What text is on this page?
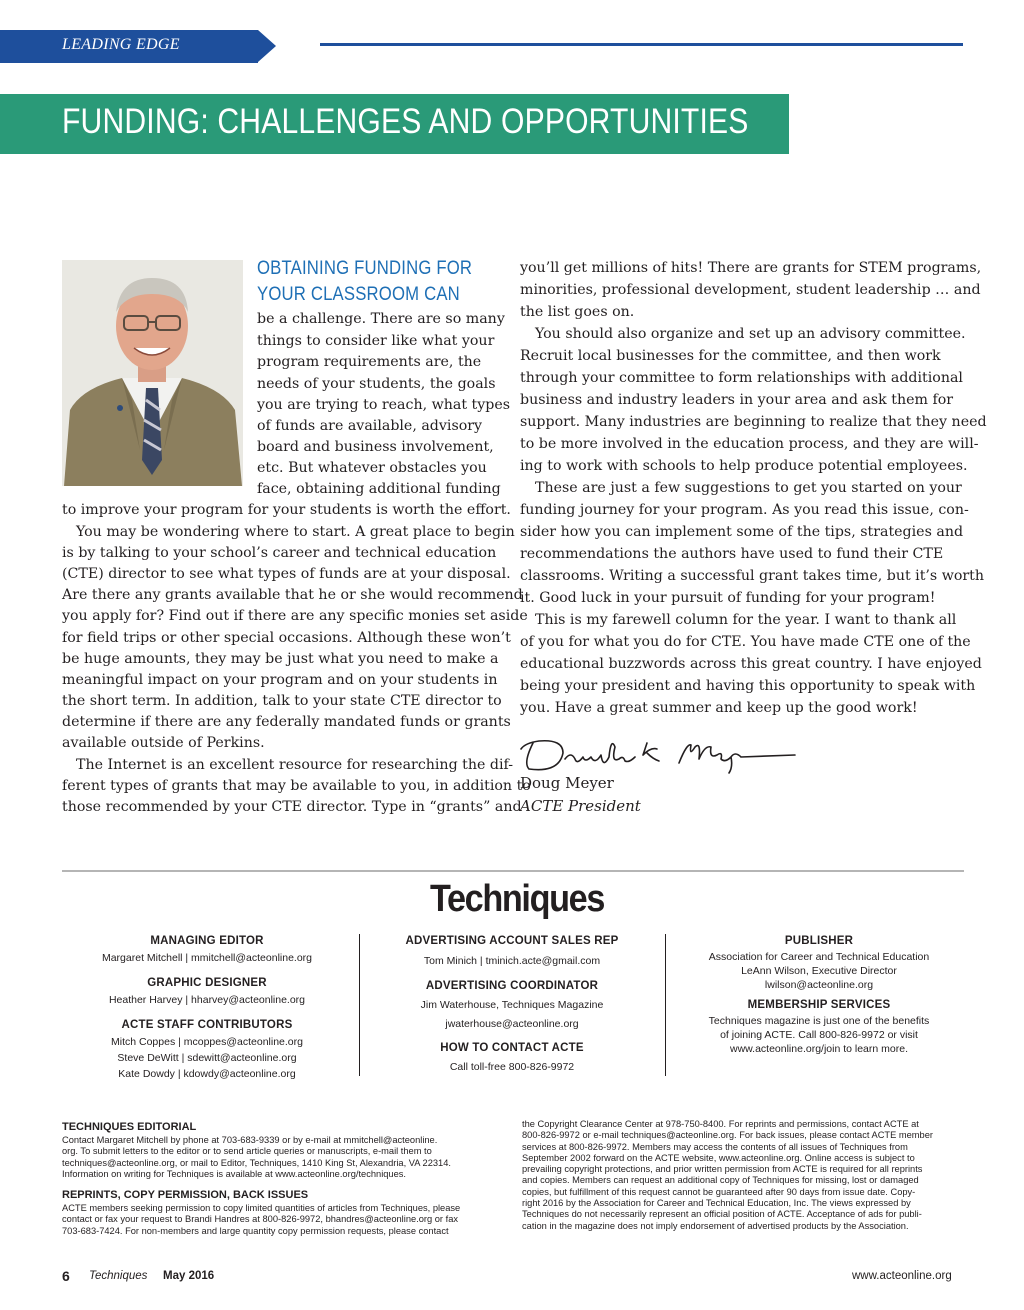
LEADING EDGE
FUNDING: CHALLENGES AND OPPORTUNITIES
OBTAINING FUNDING FOR
YOUR CLASSROOM CAN
be a challenge. There are so many
things to consider like what your
program requirements are, the
needs of your students, the goals
you are trying to reach, what types
of funds are available, advisory
board and business involvement,
etc. But whatever obstacles you
face, obtaining additional funding
to improve your program for your students is worth the effort.
You may be wondering where to start. A great place to begin
is by talking to your school’s career and technical education
(CTE) director to see what types of funds are at your disposal.
Are there any grants available that he or she would recommend
you apply for? Find out if there are any specific monies set aside
for field trips or other special occasions. Although these won’t
be huge amounts, they may be just what you need to make a
meaningful impact on your program and on your students in
the short term. In addition, talk to your state CTE director to
determine if there are any federally mandated funds or grants
available outside of Perkins.
The Internet is an excellent resource for researching the dif-
ferent types of grants that may be available to you, in addition to
those recommended by your CTE director. Type in “grants” and
you’ll get millions of hits! There are grants for STEM programs,
minorities, professional development, student leadership … and
the list goes on.
You should also organize and set up an advisory committee.
Recruit local businesses for the committee, and then work
through your committee to form relationships with additional
business and industry leaders in your area and ask them for
support. Many industries are beginning to realize that they need
to be more involved in the education process, and they are will-
ing to work with schools to help produce potential employees.
These are just a few suggestions to get you started on your
funding journey for your program. As you read this issue, con-
sider how you can implement some of the tips, strategies and
recommendations the authors have used to fund their CTE
classrooms. Writing a successful grant takes time, but it’s worth
it. Good luck in your pursuit of funding for your program!
This is my farewell column for the year. I want to thank all
of you for what you do for CTE. You have made CTE one of the
educational buzzwords across this great country. I have enjoyed
being your president and having this opportunity to speak with
you. Have a great summer and keep up the good work!
Doug Meyer
ACTE President
Techniques
MANAGING EDITOR
Margaret Mitchell | mmitchell@acteonline.org
GRAPHIC DESIGNER
Heather Harvey | hharvey@acteonline.org
ACTE STAFF CONTRIBUTORS
Mitch Coppes | mcoppes@acteonline.org
Steve DeWitt | sdewitt@acteonline.org
Kate Dowdy | kdowdy@acteonline.org
ADVERTISING ACCOUNT SALES REP
Tom Minich | tminich.acte@gmail.com
ADVERTISING COORDINATOR
Jim Waterhouse, Techniques Magazine
jwaterhouse@acteonline.org
HOW TO CONTACT ACTE
Call toll-free 800-826-9972
PUBLISHER
Association for Career and Technical Education
LeAnn Wilson, Executive Director
lwilson@acteonline.org
MEMBERSHIP SERVICES
Techniques magazine is just one of the benefits
of joining ACTE. Call 800-826-9972 or visit
www.acteonline.org/join to learn more.
TECHNIQUES EDITORIAL
Contact Margaret Mitchell by phone at 703-683-9339 or by e-mail at mmitchell@acteonline.
org. To submit letters to the editor or to send article queries or manuscripts, e-mail them to
techniques@acteonline.org, or mail to Editor, Techniques, 1410 King St, Alexandria, VA 22314.
Information on writing for Techniques is available at www.acteonline.org/techniques.
REPRINTS, COPY PERMISSION, BACK ISSUES
ACTE members seeking permission to copy limited quantities of articles from Techniques, please
contact or fax your request to Brandi Handres at 800-826-9972, bhandres@acteonline.org or fax
703-683-7424. For non-members and large quantity copy permission requests, please contact
the Copyright Clearance Center at 978-750-8400. For reprints and permissions, contact ACTE at
800-826-9972 or e-mail techniques@acteonline.org. For back issues, please contact ACTE member
services at 800-826-9972. Members may access the contents of all issues of Techniques from
September 2002 forward on the ACTE website, www.acteonline.org. Online access is subject to
prevailing copyright protections, and prior written permission from ACTE is required for all reprints
and copies. Members can request an additional copy of Techniques for missing, lost or damaged
copies, but fulfillment of this request cannot be guaranteed after 90 days from issue date. Copy-
right 2016 by the Association for Career and Technical Education, Inc. The views expressed by
Techniques do not necessarily represent an official position of ACTE. Acceptance of ads for publi-
cation in the magazine does not imply endorsement of advertised products by the Association.
6 Techniques May 2016	www.acteonline.org
